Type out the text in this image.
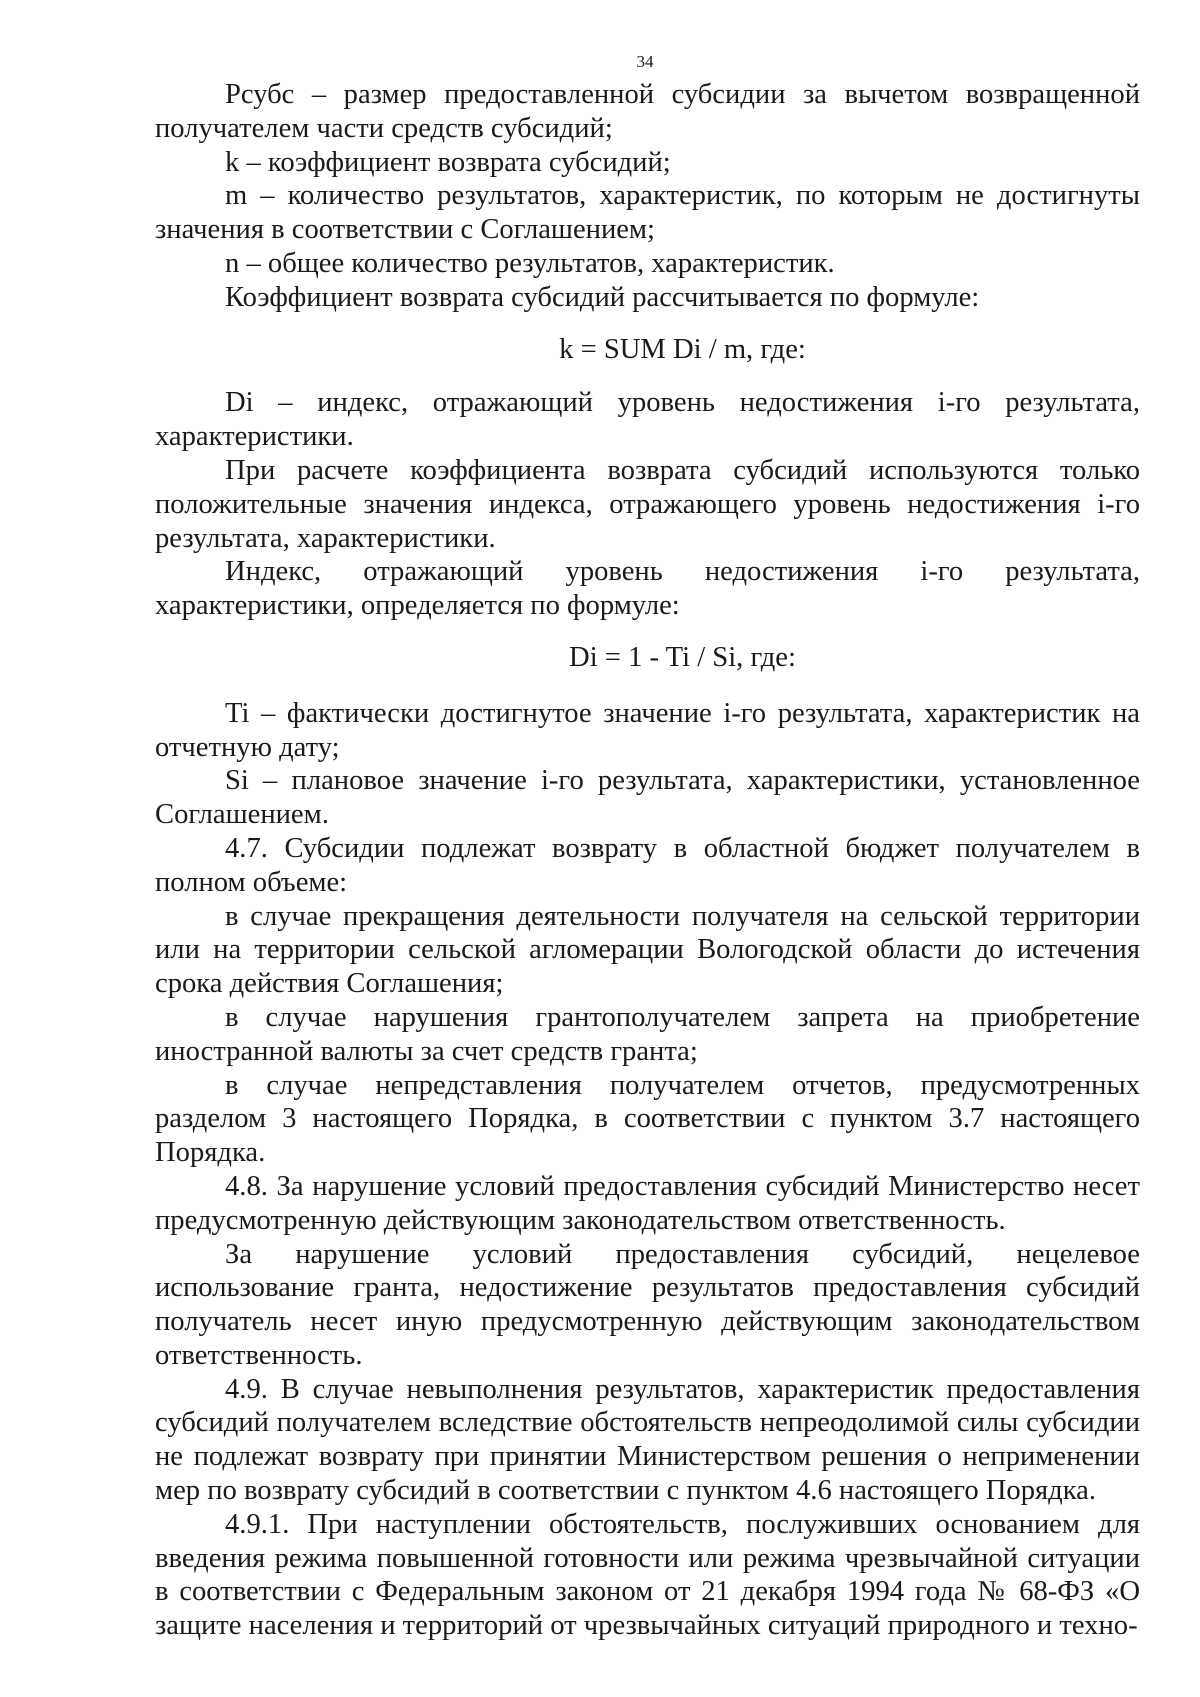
34

Рсубс – размер предоставленной субсидии за вычетом возвращенной получателем части средств субсидий;

k – коэффициент возврата субсидий;

m – количество результатов, характеристик, по которым не достигнуты значения в соответствии с Соглашением;

n – общее количество результатов, характеристик.

Коэффициент возврата субсидий рассчитывается по формуле:

k = SUM Di / m, где:

Di – индекс, отражающий уровень недостижения i-го результата, характеристики.

При расчете коэффициента возврата субсидий используются только положительные значения индекса, отражающего уровень недостижения i-го результата, характеристики.

Индекс, отражающий уровень недостижения i-го результата, характеристики, определяется по формуле:

Di = 1 - Ti / Si, где:

Ti – фактически достигнутое значение i-го результата, характеристик на отчетную дату;

Si – плановое значение i-го результата, характеристики, установленное Соглашением.

4.7. Субсидии подлежат возврату в областной бюджет получателем в полном объеме:

в случае прекращения деятельности получателя на сельской территории или на территории сельской агломерации Вологодской области до истечения срока действия Соглашения;

в случае нарушения грантополучателем запрета на приобретение иностранной валюты за счет средств гранта;

в случае непредставления получателем отчетов, предусмотренных разделом 3 настоящего Порядка, в соответствии с пунктом 3.7 настоящего Порядка.

4.8. За нарушение условий предоставления субсидий Министерство несет предусмотренную действующим законодательством ответственность.

За нарушение условий предоставления субсидий, нецелевое использование гранта, недостижение результатов предоставления субсидий получатель несет иную предусмотренную действующим законодательством ответственность.

4.9. В случае невыполнения результатов, характеристик предоставления субсидий получателем вследствие обстоятельств непреодолимой силы субсидии не подлежат возврату при принятии Министерством решения о неприменении мер по возврату субсидий в соответствии с пунктом 4.6 настоящего Порядка.

4.9.1. При наступлении обстоятельств, послуживших основанием для введения режима повышенной готовности или режима чрезвычайной ситуации в соответствии с Федеральным законом от 21 декабря 1994 года № 68-ФЗ «О защите населения и территорий от чрезвычайных ситуаций природного и техно-
